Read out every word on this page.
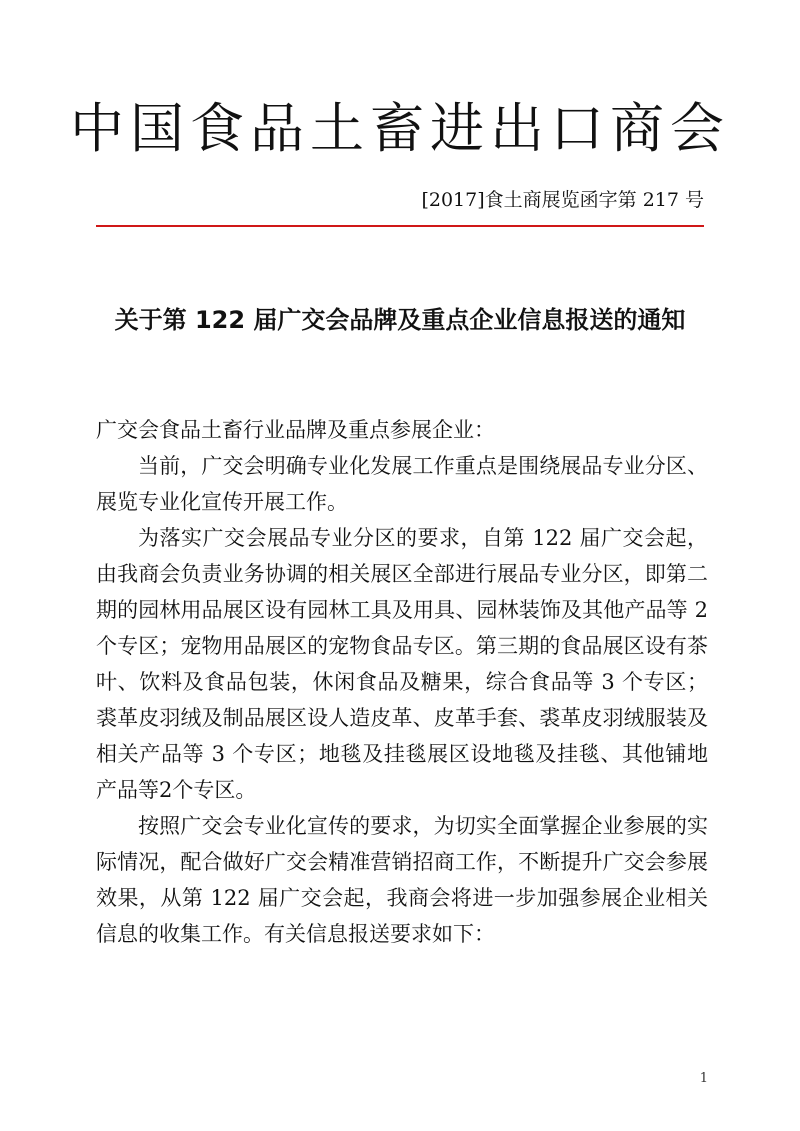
中国食品土畜进出口商会
[2017]食土商展览函字第 217 号
关于第 122 届广交会品牌及重点企业信息报送的通知

广交会食品土畜行业品牌及重点参展企业：

当前，广交会明确专业化发展工作重点是围绕展品专业分区、展览专业化宣传开展工作。

为落实广交会展品专业分区的要求，自第 122 届广交会起，由我商会负责业务协调的相关展区全部进行展品专业分区，即第二期的园林用品展区设有园林工具及用具、园林装饰及其他产品等 2 个专区；宠物用品展区的宠物食品专区。第三期的食品展区设有茶叶、饮料及食品包装，休闲食品及糖果，综合食品等 3 个专区；裘革皮羽绒及制品展区设人造皮革、皮革手套、裘革皮羽绒服装及相关产品等 3 个专区；地毯及挂毯展区设地毯及挂毯、其他铺地产品等2个专区。

按照广交会专业化宣传的要求，为切实全面掌握企业参展的实际情况，配合做好广交会精准营销招商工作，不断提升广交会参展效果，从第 122 届广交会起，我商会将进一步加强参展企业相关信息的收集工作。有关信息报送要求如下：

1
